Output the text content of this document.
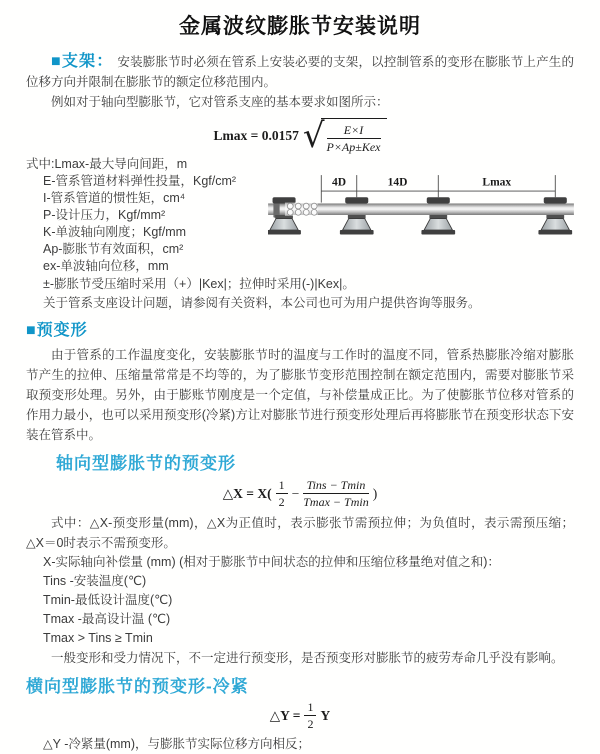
金属波纹膨胀节安装说明

■支架： 安装膨胀节时必须在管系上安装必要的支架，以控制管系的变形在膨胀节上产生的位移方向并限制在膨胀节的额定位移范围内。

例如对于轴向型膨胀节，它对管系支座的基本要求如图所示：

Lmax = 0.0157 √ $\frac{E\times I}{\text{P×Ap±Kex}}$
式中:Lmax-最大导向间距，m
E-管系管道材料弹性投量，Kgf/cm²
I-管系管道的惯性矩，cm⁴
P-设计压力，Kgf/mm²
K-单波轴向刚度；Kgf/mm
Ap-膨胀节有效面积，cm²
ex-单波轴向位移，mm
4D	14D	Lmax
±-膨胀节受压缩时采用（+）|Kex|；拉伸时采用(-)|Kex|。
关于管系支座设计问题，请参阅有关资料，本公司也可为用户提供咨询等服务。
■预变形

由于管系的工作温度变化，安装膨胀节时的温度与工作时的温度不同，管系热膨胀冷缩对膨胀节产生的拉伸、压缩量常常是不均等的，为了膨胀节变形范围控制在额定范围内，需要对膨胀节采取预变形处理。另外，由于膨账节刚度是一个定值，与补偿量成正比。为了使膨胀节位移对管系的作用力最小，也可以采用预变形(冷紧)方让对膨胀节进行预变形处理后再将膨胀节在预变形状态下安装在管系中。

轴向型膨胀节的预变形
△X = $X( \frac{1}{2} - \frac{\text{Tins − Tmin}}{Tmax - Tmin}$ )

式中：△X-预变形量(mm)，△X为正值时，表示膨张节需预拉伸；为负值时，表示需预压缩；△X＝0时表示不需预变形。

X-实际轴向补偿量 (mm) (相对于膨胀节中间状态的拉伸和压缩位移量绝对值之和)：
Tins -安装温度(℃)
Tmin-最低设计温度(℃)
Tmax -最高设计温 (℃)
Tmax > Tins ≥ Tmin

一般变形和受力情况下，不一定进行预变形，是否预变形对膨胀节的疲劳寿命几乎没有影响。

横向型膨胀节的预变形-冷紧
△Y = $\frac{1}{2}$ Y
△Y -冷紧量(mm)，与膨胀节实际位移方向相反；
